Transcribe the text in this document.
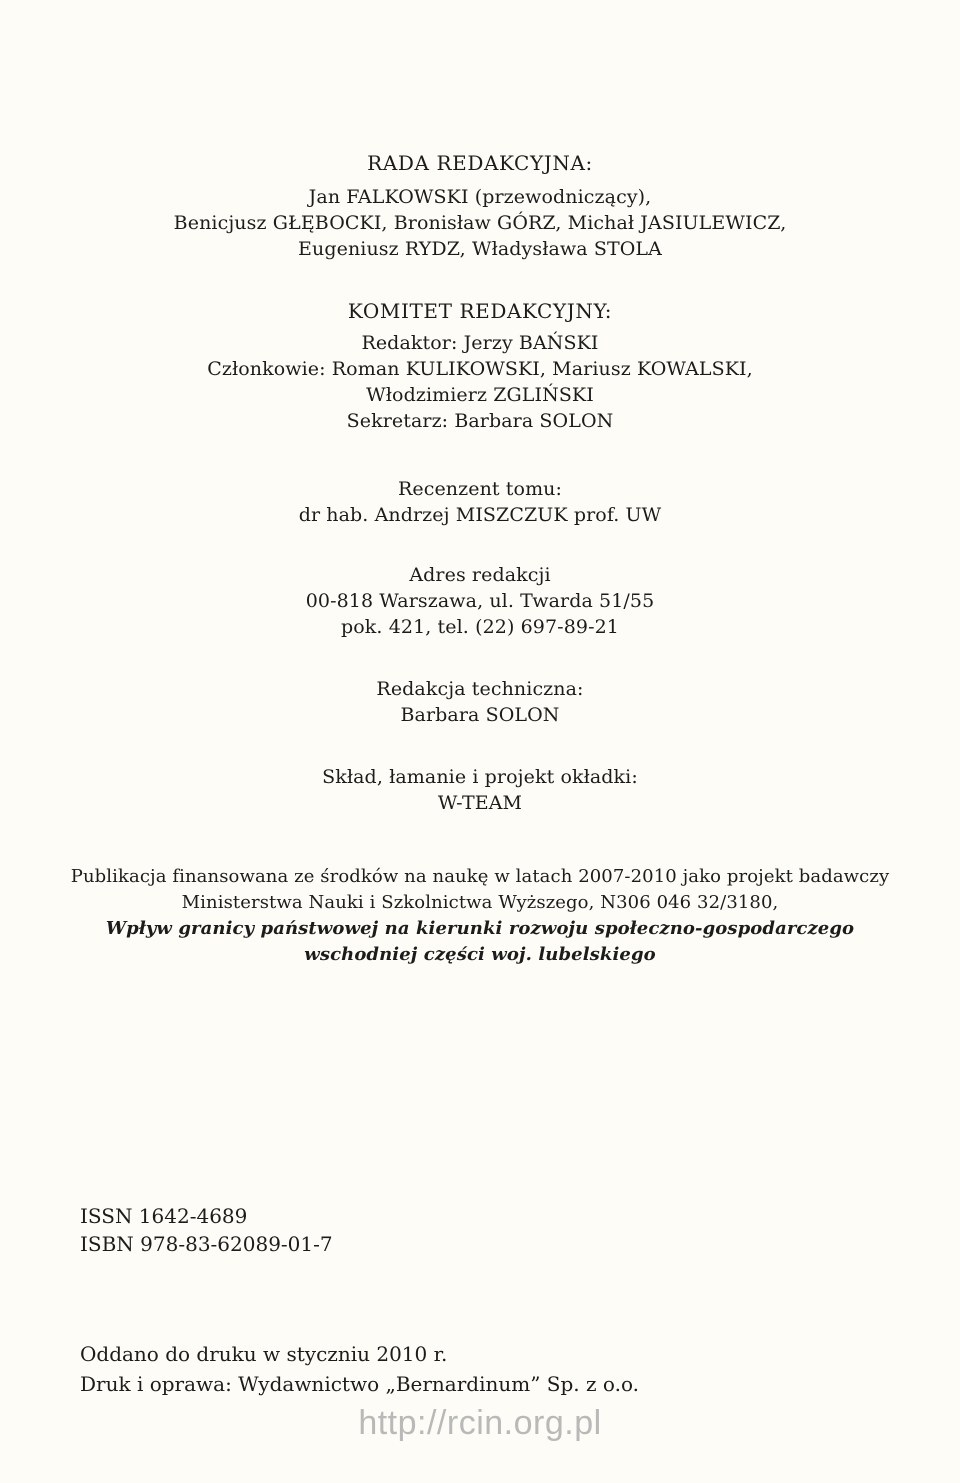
RADA REDAKCYJNA:
Jan FALKOWSKI (przewodniczący),
Benicjusz GŁĘBOCKI, Bronisław GÓRZ, Michał JASIULEWICZ,
Eugeniusz RYDZ, Władysława STOLA
KOMITET REDAKCYJNY:
Redaktor: Jerzy BAŃSKI
Członkowie: Roman KULIKOWSKI, Mariusz KOWALSKI,
Włodzimierz ZGLIŃSKI
Sekretarz: Barbara SOLON
Recenzent tomu:
dr hab. Andrzej MISZCZUK prof. UW
Adres redakcji
00-818 Warszawa, ul. Twarda 51/55
pok. 421, tel. (22) 697-89-21
Redakcja techniczna:
Barbara SOLON
Skład, łamanie i projekt okładki:
W-TEAM
Publikacja finansowana ze środków na naukę w latach 2007-2010 jako projekt badawczy
Ministerstwa Nauki i Szkolnictwa Wyższego, N306 046 32/3180,
Wpływ granicy państwowej na kierunki rozwoju społeczno-gospodarczego
wschodniej części woj. lubelskiego
ISSN 1642-4689
ISBN 978-83-62089-01-7
Oddano do druku w styczniu 2010 r.
Druk i oprawa: Wydawnictwo „Bernardinum” Sp. z o.o.
http://rcin.org.pl
